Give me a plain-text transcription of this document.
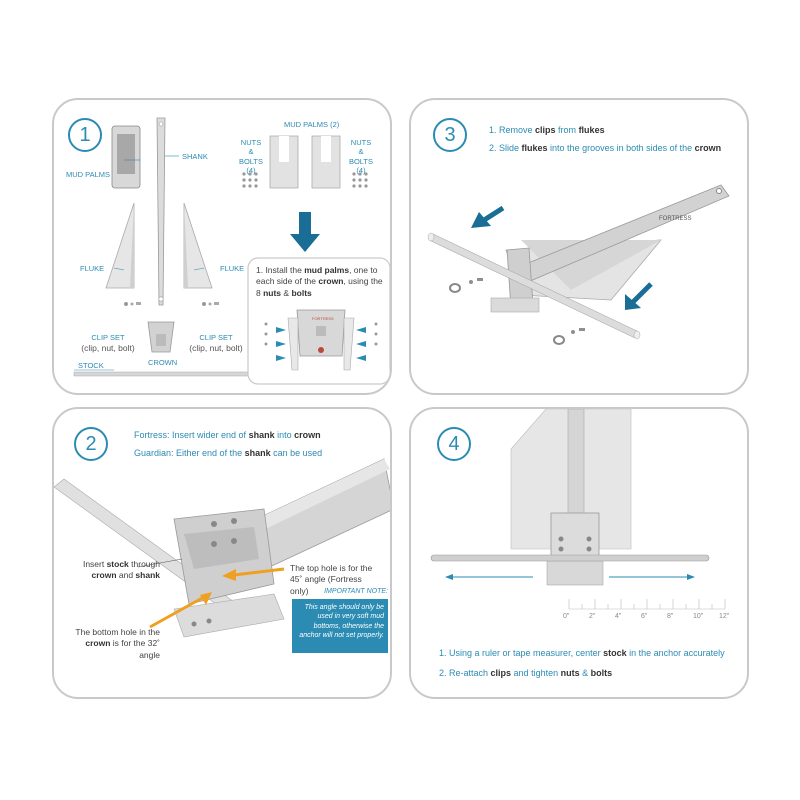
1
MUD PALMS
SHANK
FLUKE	FLUKE
CLIP SET
(clip, nut, bolt)
CLIP SET
(clip, nut, bolt)
CROWN
STOCK
MUD PALMS (2)
NUTS
&
BOLTS (4)
NUTS
&
BOLTS (4)
1. Install the mud palms, one to each side of the crown, using the 8 nuts & bolts
FORTRESS
3	1. Remove clips from flukes
2. Slide flukes into the grooves in both sides of the crown
FORTRESS
2	Fortress: Insert wider end of shank into crown
Guardian: Either end of the shank can be used
Insert stock through
crown and shank
The top hole is for the 45˚ angle (Fortress only)
The bottom hole in the crown is for the 32˚ angle
IMPORTANT NOTE:
This angle should only be used in very soft mud bottoms, otherwise the anchor will not set properly.
4
0"	2"	4"	6"	8"	10" 12"
1. Using a ruler or tape measurer, center stock in the anchor accurately
2. Re-attach clips and tighten nuts & bolts
